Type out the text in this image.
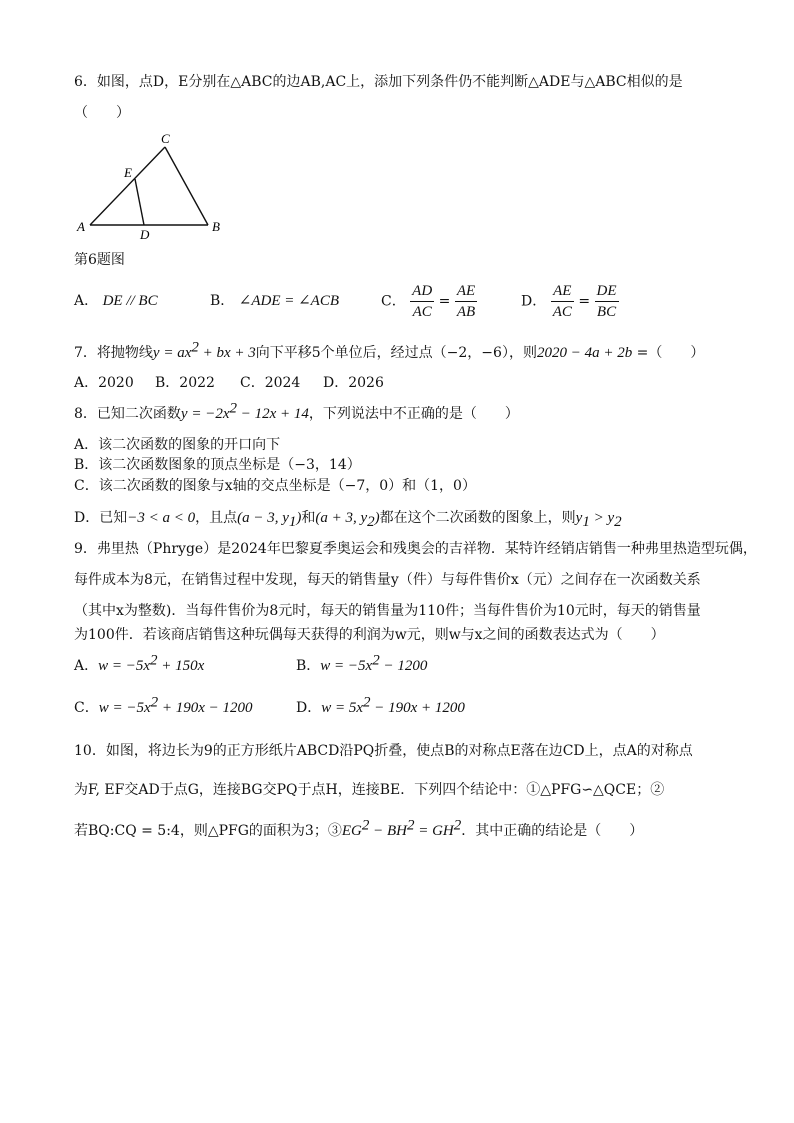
6．如图，点D，E分别在△ABC的边AB,AC上，添加下列条件仍不能判断△ADE与△ABC相似的是
（　　）
C
E
A
D
B
第6题图
A． DE // BC	B． ∠ADE = ∠ACB	C． $\frac{AD}{AC} = \frac{AE}{AB}$	D． $\frac{AE}{AC} = \frac{DE}{BC}$
7．将抛物线$y = ax^2$ + bx + 3向下平移5个单位后，经过点（−2，−6），则2020 − 4a + 2b =（　　）
A．2020 B．2022 C．2024 D．2026
8．已知二次函数$y = -2x^2 - 12x + 14$，下列说法中不正确的是（　　）
A．该二次函数的图象的开口向下
B．该二次函数图象的顶点坐标是（−3，14）
C．该二次函数的图象与x轴的交点坐标是（−7，0）和（1，0）
D．已知−3 < a < 0，且点(a − 3, $y_1$)和(a + 3, $y_2$)都在这个二次函数的图象上，则$y_1 > y_2$
9．弗里热（Phryge）是2024年巴黎夏季奥运会和残奥会的吉祥物．某特许经销店销售一种弗里热造型玩偶，
每件成本为8元，在销售过程中发现，每天的销售量y（件）与每件售价x（元）之间存在一次函数关系
（其中x为整数)．当每件售价为8元时，每天的销售量为110件；当每件售价为10元时，每天的销售量
为100件．若该商店销售这种玩偶每天获得的利润为w元，则w与x之间的函数表达式为（　　）
A．$w = -5x^2 + 150x$	B．$w = -5x^2 - 1200$
C．$w = -5x^2 + 190x - 1200$	D．$w = 5x^2 - 190x + 1200$
10．如图，将边长为9的正方形纸片ABCD沿PQ折叠，使点B的对称点E落在边CD上，点A的对称点
为F, EF交AD于点G，连接BG交PQ于点H，连接BE．下列四个结论中：①△PFG∽△QCE；②
若BQ:CQ = 5:4，则△PFG的面积为3；$③EG^2 - BH^2 = GH^2$．其中正确的结论是（　　）
